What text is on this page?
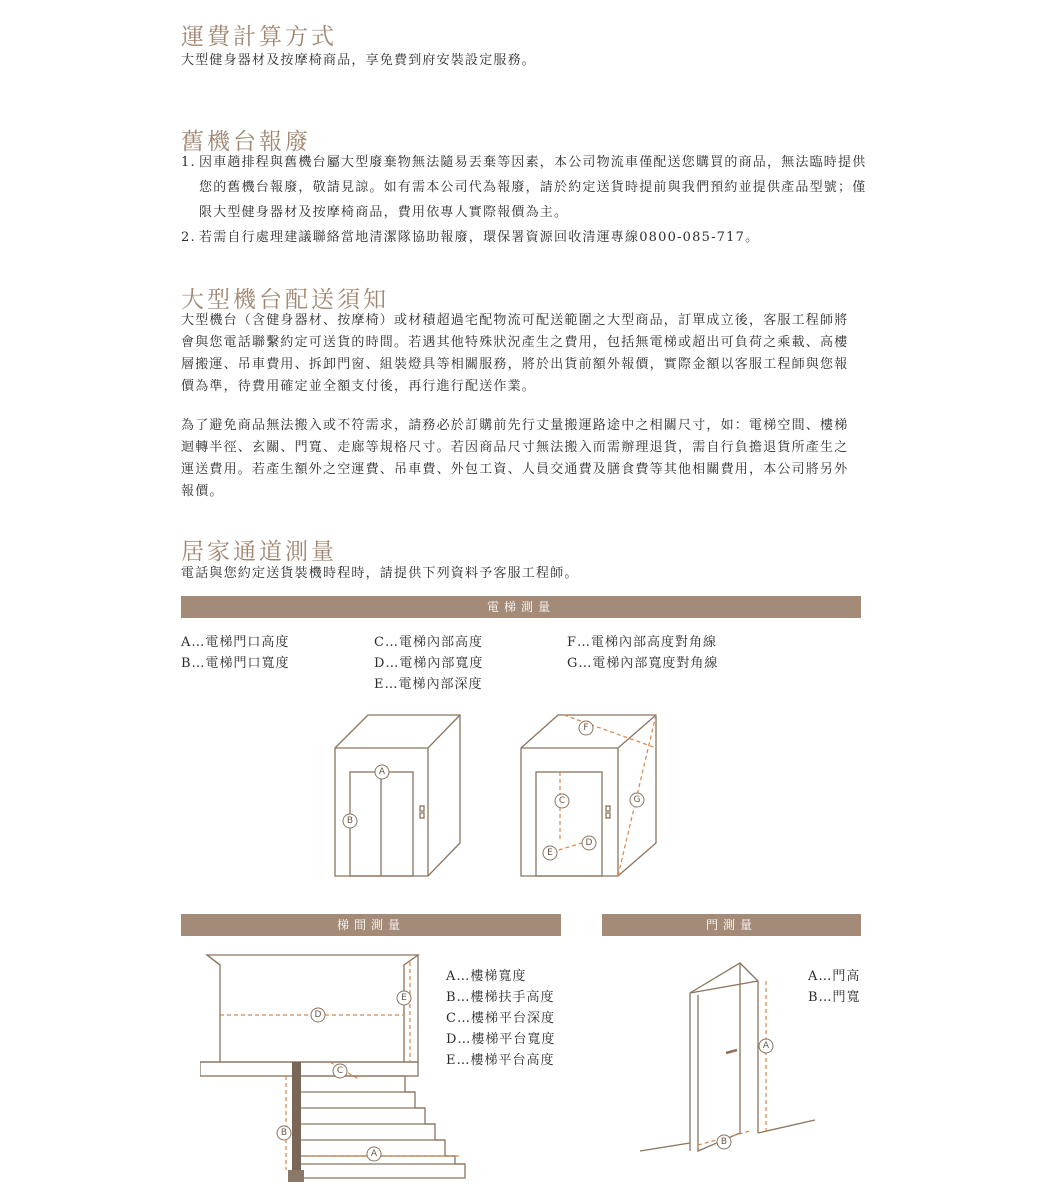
運費計算方式

大型健身器材及按摩椅商品，享免費到府安裝設定服務。

舊機台報廢
1. 因車趟排程與舊機台屬大型廢棄物無法隨易丟棄等因素，本公司物流車僅配送您購買的商品，無法臨時提供您的舊機台報廢，敬請見諒。如有需本公司代為報廢，請於約定送貨時提前與我們預約並提供產品型號；僅限大型健身器材及按摩椅商品，費用依專人實際報價為主。
2. 若需自行處理建議聯絡當地清潔隊協助報廢，環保署資源回收清運專線0800-085-717。
大型機台配送須知

大型機台（含健身器材、按摩椅）或材積超過宅配物流可配送範圍之大型商品，訂單成立後，客服工程師將會與您電話聯繫約定可送貨的時間。若遇其他特殊狀況產生之費用，包括無電梯或超出可負荷之乘載、高樓層搬運、吊車費用、拆卸門窗、組裝燈具等相關服務，將於出貨前額外報價，實際金額以客服工程師與您報價為準，待費用確定並全額支付後，再行進行配送作業。

為了避免商品無法搬入或不符需求，請務必於訂購前先行丈量搬運路途中之相關尺寸，如：電梯空間、樓梯迴轉半徑、玄關、門寬、走廊等規格尺寸。若因商品尺寸無法搬入而需辦理退貨，需自行負擔退貨所產生之運送費用。若產生額外之空運費、吊車費、外包工資、人員交通費及膳食費等其他相關費用，本公司將另外報價。

居家通道測量

電話與您約定送貨裝機時程時，請提供下列資料予客服工程師。

電梯測量
A…電梯門口高度
B…電梯門口寬度
C…電梯內部高度
D…電梯內部寬度
E…電梯內部深度
F…電梯內部高度對角線
G…電梯內部寬度對角線
A
B
F
C	G
D
E
梯間測量	門測量
D
E
C
B
A
A…樓梯寬度
B…樓梯扶手高度
C…樓梯平台深度
D…樓梯平台寬度
E…樓梯平台高度
A
B
A…門高
B…門寬
